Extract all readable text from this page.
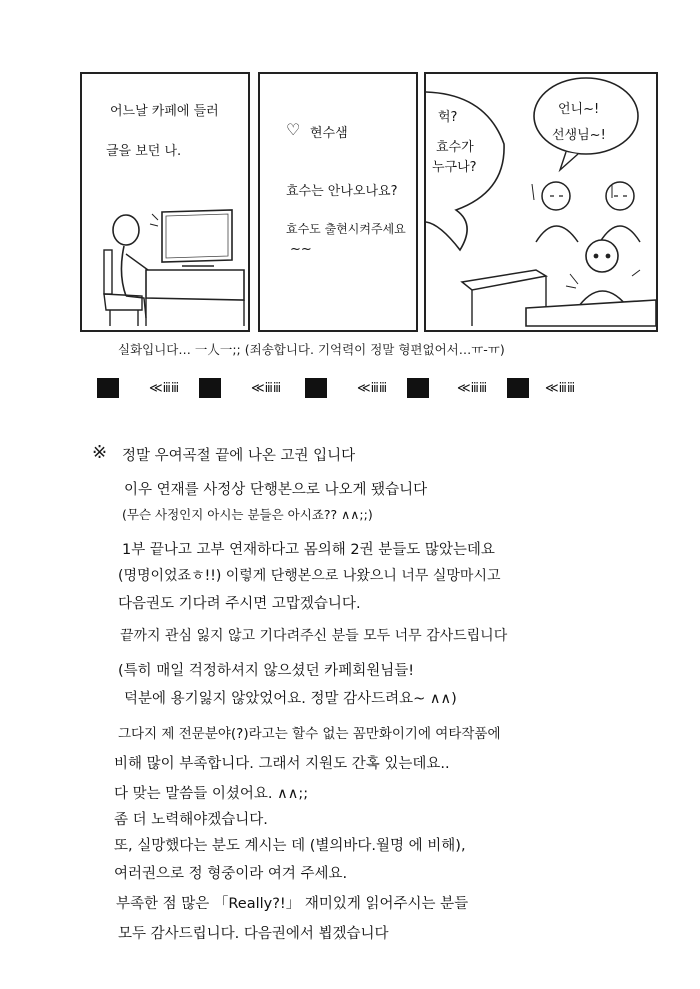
어느날 카페에 들러
글을 보던 나.
♡ 현수샘
효수는 안나오나요?
효수도 출현시켜주세요
~~
헉?
효수가
누구나?
언니~!
선생님~!
실화입니다… 一人一;; (죄송합니다. 기억력이 정말 형편없어서…ㅠ-ㅠ)
≪ⅲⅲ	≪ⅲⅲ	≪ⅲⅲ	≪ⅲⅲ	≪ⅲⅲ
※ 정말 우여곡절 끝에 나온 고권 입니다
이우 연재를 사정상 단행본으로 나오게 됐습니다
(무슨 사정인지 아시는 분들은 아시죠?? ∧∧;;)
1부 끝나고 고부 연재하다고 몸의해 2권 분들도 많았는데요
(명명이었죠ㅎ!!) 이렇게 단행본으로 나왔으니 너무 실망마시고
다음권도 기다려 주시면 고맙겠습니다.
끝까지 관심 잃지 않고 기다려주신 분들 모두 너무 감사드립니다
(특히 매일 걱정하셔지 않으셨던 카페회원님들!
덕분에 용기잃지 않았었어요. 정말 감사드려요~ ∧∧)
그다지 제 전문분야(?)라고는 할수 없는 꼼만화이기에 여타작품에
비해 많이 부족합니다. 그래서 지원도 간혹 있는데요..
다 맞는 말씀들 이셨어요. ∧∧;;
좀 더 노력해야겠습니다.
또, 실망했다는 분도 계시는 데 (별의바다.월명 에 비해),
여러권으로 정 형중이라 여겨 주세요.
부족한 점 많은 「Really?!」 재미있게 읽어주시는 분들
모두 감사드립니다. 다음권에서 뵙겠습니다
